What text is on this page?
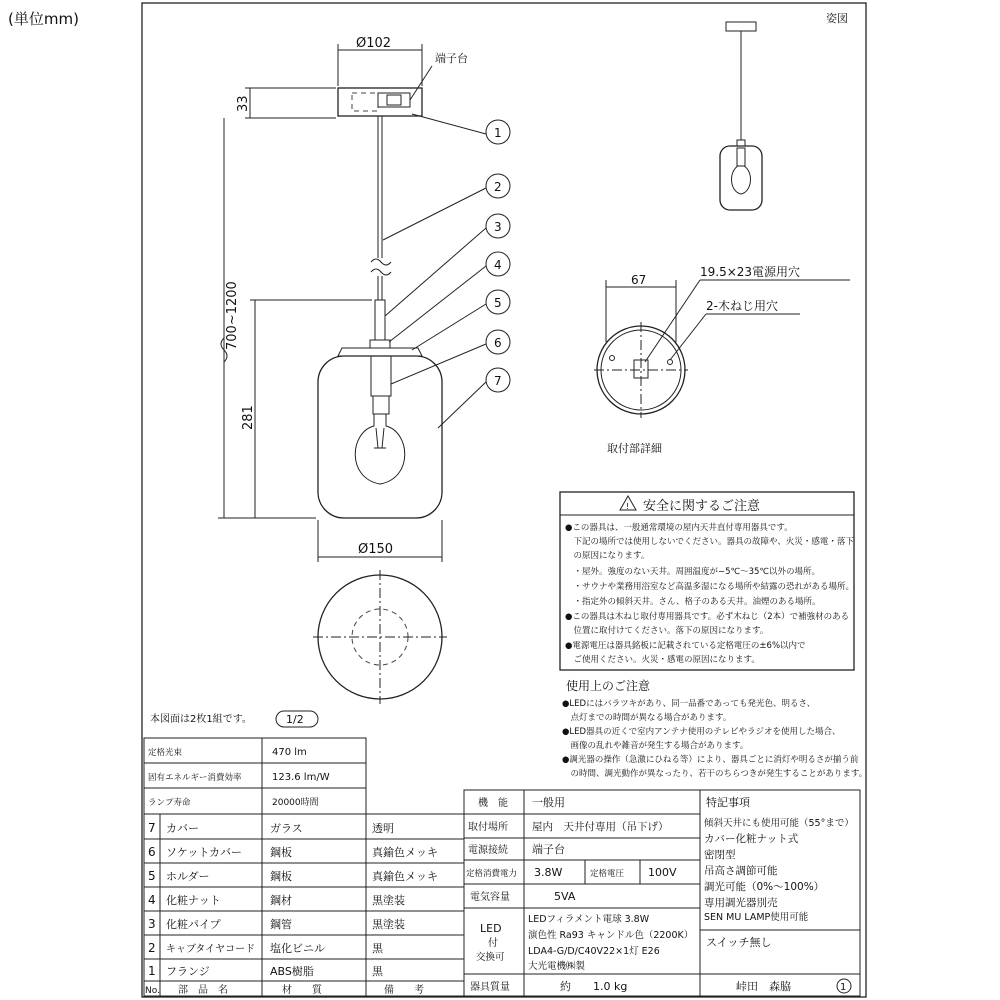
(単位mm)	姿図
Ø102
端子台
33
700~1200
281
Ø150
1
2
3
4
5
6
7
67
19.5×23電源用穴
2-木ねじ用穴
取付部詳細
! 安全に関するご注意
●この器具は、一般通常環境の屋内天井直付専用器具です。
　下記の場所では使用しないでください。器具の故障や、火災・感電・落下
　の原因になります。
　・屋外。強度のない天井。周囲温度が−5℃〜35℃以外の場所。
　・サウナや業務用浴室など高温多湿になる場所や結露の恐れがある場所。
　・指定外の傾斜天井。さん、格子のある天井。油煙のある場所。
●この器具は木ねじ取付専用器具です。必ず木ねじ（2本）で補強材のある
　位置に取付けてください。落下の原因になります。
●電源電圧は器具銘板に記載されている定格電圧の±6%以内で
　ご使用ください。火災・感電の原因になります。
使用上のご注意
●LEDにはバラツキがあり、同一品番であっても発光色、明るさ、
　点灯までの時間が異なる場合があります。
●LED器具の近くで室内アンテナ使用のテレビやラジオを使用した場合、
　画像の乱れや雑音が発生する場合があります。
●調光器の操作（急激にひねる等）により、器具ごとに消灯や明るさが揃う前
　の時間、調光動作が異なったり、若干のちらつきが発生することがあります。
本図面は2枚1組です。	1/2
定格光束	470 lm
固有エネルギー消費効率	123.6 lm/W
ランプ寿命	20000時間
7 カバー	ガラス	透明
6 ソケットカバー	鋼板	真鍮色メッキ
5 ホルダー	鋼板	真鍮色メッキ
4 化粧ナット	鋼材	黒塗装
3 化粧パイプ	鋼管	黒塗装
2 キャブタイヤコード 塩化ビニル	黒
1 フランジ	ABS樹脂	黒
No. 部　品　名	材　　質	備　　考
機　能 一般用
取付場所 屋内　天井付専用（吊下げ）
電源接続 端子台
定格消費電力 3.8W	定格電圧 100V
電気容量	5VA
LED
付
交換可
LEDフィラメント電球 3.8W
演色性 Ra93 キャンドル色（2200K）
LDA4-G/D/C40V22×1灯 E26
大光電機㈱製
器具質量	約　　1.0 kg
特記事項
傾斜天井にも使用可能（55°まで）
カバー化粧ナット式
密閉型
吊高さ調節可能
調光可能（0%〜100%）
専用調光器別売
SEN MU LAMP使用可能
スイッチ無し
峠田　森脇	1
